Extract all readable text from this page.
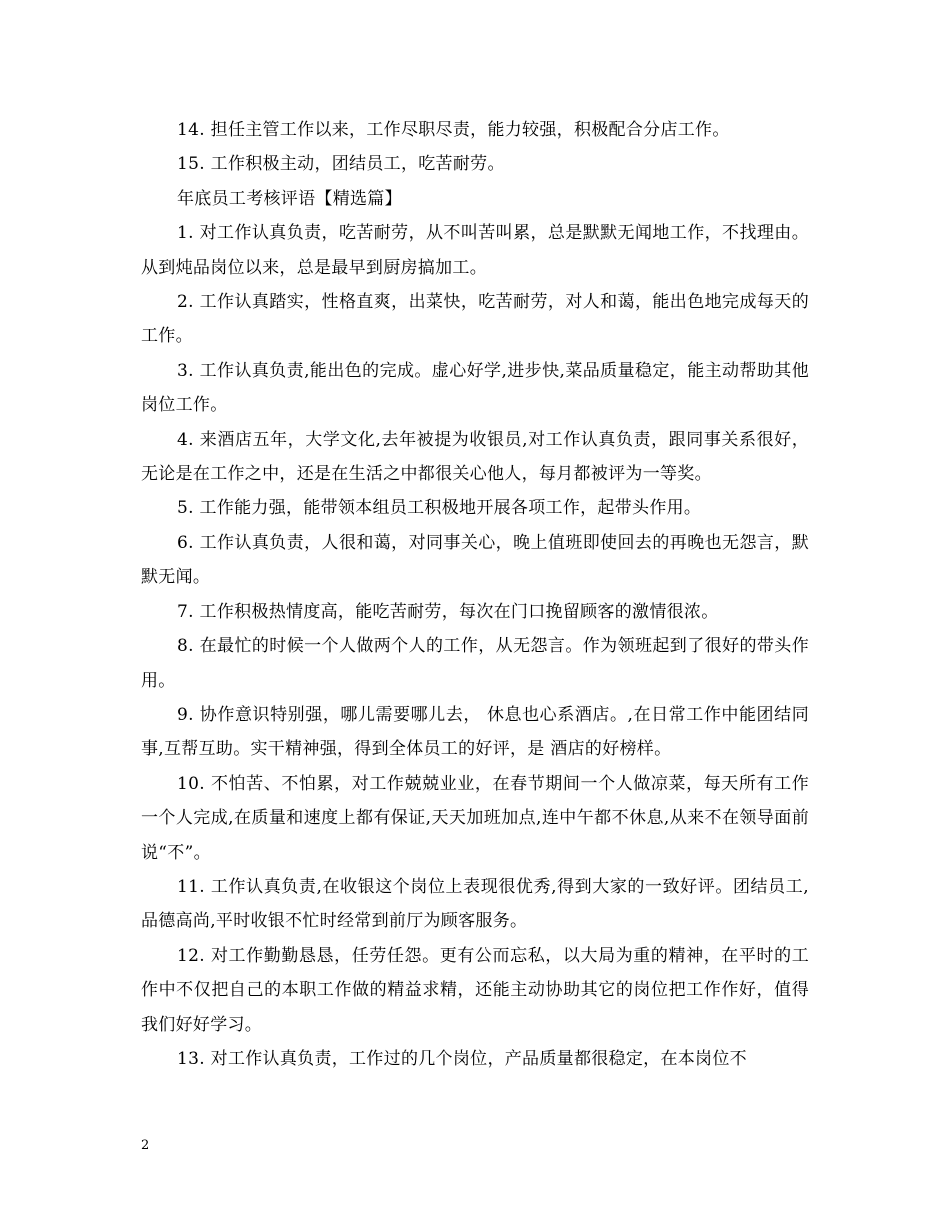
14. 担任主管工作以来，工作尽职尽责，能力较强，积极配合分店工作。

15. 工作积极主动，团结员工，吃苦耐劳。

年底员工考核评语【精选篇】

1. 对工作认真负责，吃苦耐劳，从不叫苦叫累，总是默默无闻地工作，不找理由。从到炖品岗位以来，总是最早到厨房搞加工。

2. 工作认真踏实，性格直爽，出菜快，吃苦耐劳，对人和蔼，能出色地完成每天的工作。

3. 工作认真负责,能出色的完成。虚心好学,进步快,菜品质量稳定，能主动帮助其他岗位工作。

4. 来酒店五年，大学文化,去年被提为收银员,对工作认真负责，跟同事关系很好，无论是在工作之中，还是在生活之中都很关心他人，每月都被评为一等奖。

5. 工作能力强，能带领本组员工积极地开展各项工作，起带头作用。

6. 工作认真负责，人很和蔼，对同事关心，晚上值班即使回去的再晚也无怨言，默默无闻。

7. 工作积极热情度高，能吃苦耐劳，每次在门口挽留顾客的激情很浓。

8. 在最忙的时候一个人做两个人的工作，从无怨言。作为领班起到了很好的带头作用。

9. 协作意识特别强，哪儿需要哪儿去， 休息也心系酒店。,在日常工作中能团结同事,互帮互助。实干精神强，得到全体员工的好评，是 酒店的好榜样。

10. 不怕苦、不怕累，对工作兢兢业业，在春节期间一个人做凉菜，每天所有工作一个人完成,在质量和速度上都有保证,天天加班加点,连中午都不休息,从来不在领导面前说“不”。

11. 工作认真负责,在收银这个岗位上表现很优秀,得到大家的一致好评。团结员工,品德高尚,平时收银不忙时经常到前厅为顾客服务。

12. 对工作勤勤恳恳，任劳任怨。更有公而忘私，以大局为重的精神，在平时的工作中不仅把自己的本职工作做的精益求精，还能主动协助其它的岗位把工作作好，值得我们好好学习。

13. 对工作认真负责，工作过的几个岗位，产品质量都很稳定，在本岗位不

2
